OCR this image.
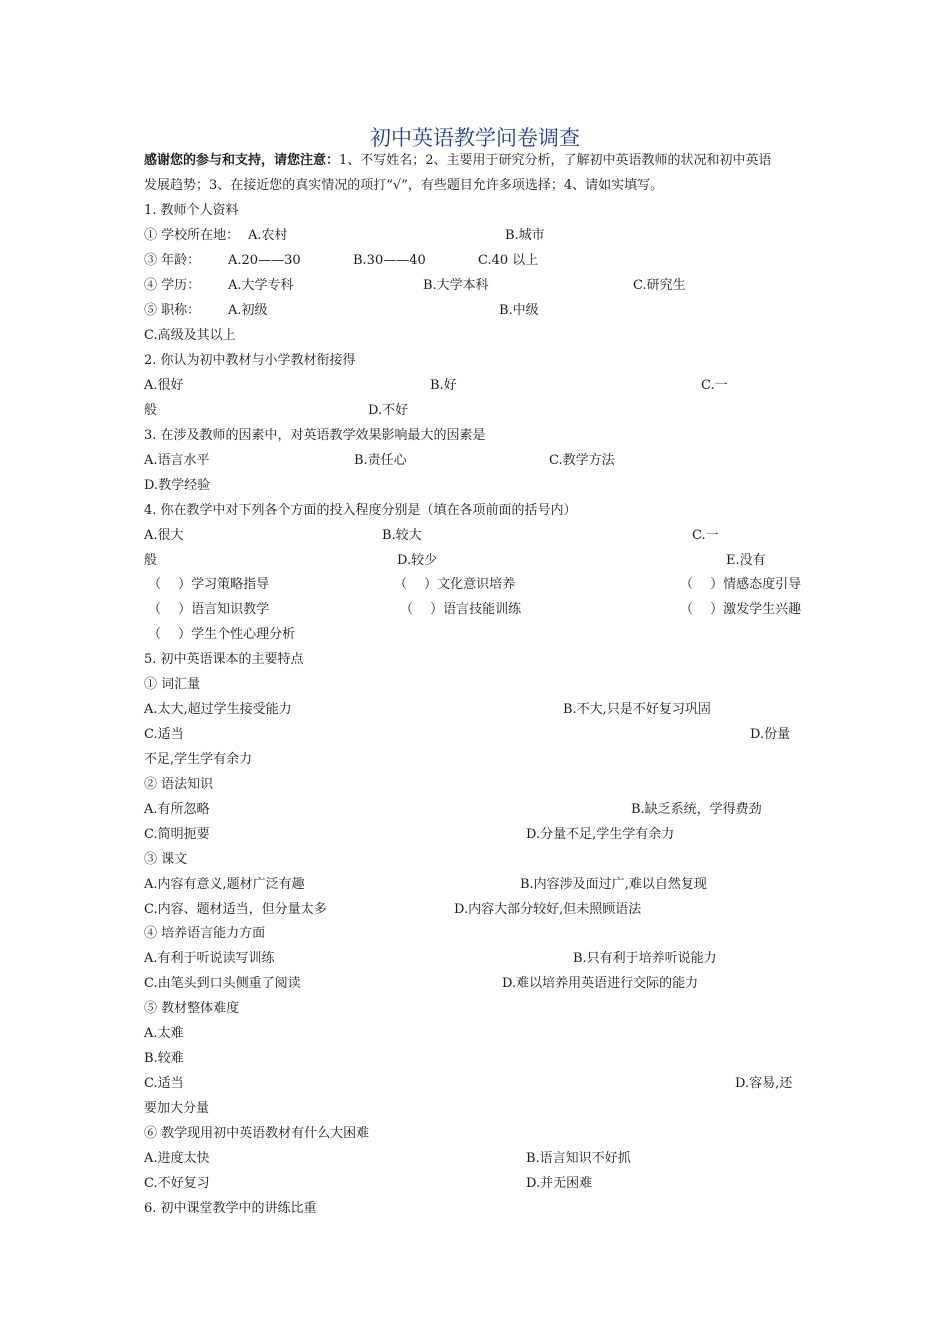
初中英语教学问卷调查
感谢您的参与和支持，请您注意：1、不写姓名；2、主要用于研究分析，了解初中英语教师的状况和初中英语
发展趋势；3、在接近您的真实情况的项打“√”，有些题目允许多项选择；4、请如实填写。
1. 教师个人资料
① 学校所在地： A.农村	B.城市
③ 年龄： A.20——30	B.30——40	C.40 以上
④ 学历： A.大学专科	B.大学本科	C.研究生
⑤ 职称： A.初级	B.中级
C.高级及其以上
2. 你认为初中教材与小学教材衔接得
A.很好	B.好	C.一
般	D.不好
3. 在涉及教师的因素中，对英语教学效果影响最大的因素是
A.语言水平	B.责任心	C.教学方法
D.教学经验
4. 你在教学中对下列各个方面的投入程度分别是（填在各项前面的括号内）
A.很大	B.较大	C.一
般	D.较少	E.没有
（　 ）学习策略指导	（　 ）文化意识培养	（　 ）情感态度引导
（　 ）语言知识教学	（　 ）语言技能训练	（　 ）激发学生兴趣
（　 ）学生个性心理分析
5. 初中英语课本的主要特点
① 词汇量
A.太大,超过学生接受能力	B.不大,只是不好复习巩固
C.适当	D.份量
不足,学生学有余力
② 语法知识
A.有所忽略	B.缺乏系统，学得费劲
C.简明扼要	D.分量不足,学生学有余力
③ 课文
A.内容有意义,题材广泛有趣	B.内容涉及面过广,难以自然复现
C.内容、题材适当，但分量太多	D.内容大部分较好,但未照顾语法
④ 培养语言能力方面
A.有利于听说读写训练	B.只有利于培养听说能力
C.由笔头到口头侧重了阅读	D.难以培养用英语进行交际的能力
⑤ 教材整体难度
A.太难
B.较难
C.适当	D.容易,还
要加大分量
⑥ 教学现用初中英语教材有什么大困难
A.进度太快	B.语言知识不好抓
C.不好复习	D.并无困难
6. 初中课堂教学中的讲练比重
